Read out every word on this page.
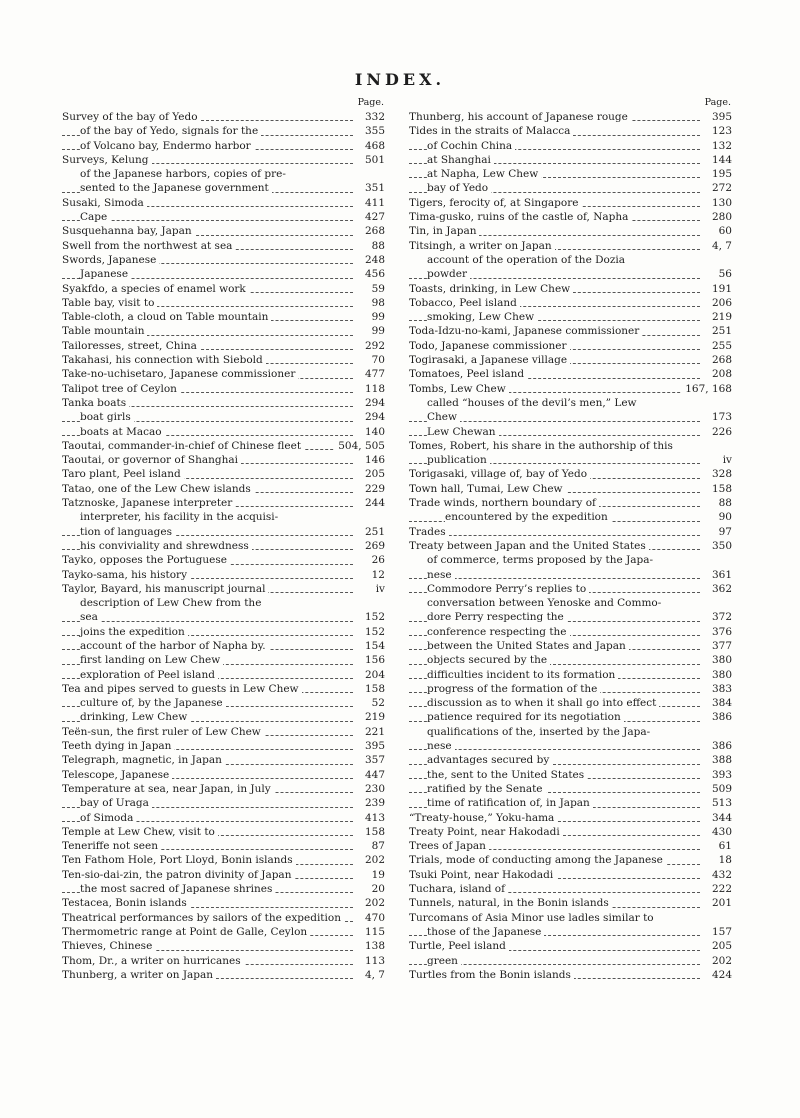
INDEX.
Page.
Survey of the bay of Yedo	332
of the bay of Yedo, signals for the	355
of Volcano bay, Endermo harbor	468
Surveys, Kelung	501
of the Japanese harbors, copies of pre-
sented to the Japanese government	351
Susaki, Simoda	411
Cape	427
Susquehanna bay, Japan	268
Swell from the northwest at sea	88
Swords, Japanese	248
Japanese	456
Syakfdo, a species of enamel work	59
Table bay, visit to	98
Table-cloth, a cloud on Table mountain	99
Table mountain	99
Tailoresses, street, China	292
Takahasi, his connection with Siebold	70
Take-no-uchisetaro, Japanese commissioner	477
Talipot tree of Ceylon	118
Tanka boats	294
boat girls	294
boats at Macao	140
Taoutai, commander-in-chief of Chinese fleet	504, 505
Taoutai, or governor of Shanghai	146
Taro plant, Peel island	205
Tatao, one of the Lew Chew islands	229
Tatznoske, Japanese interpreter	244
interpreter, his facility in the acquisi-
tion of languages	251
his conviviality and shrewdness	269
Tayko, opposes the Portuguese	26
Tayko-sama, his history	12
Taylor, Bayard, his manuscript journal	iv
description of Lew Chew from the
sea	152
joins the expedition	152
account of the harbor of Napha by.	154
first landing on Lew Chew	156
exploration of Peel island	204
Tea and pipes served to guests in Lew Chew	158
culture of, by the Japanese	52
drinking, Lew Chew	219
Teën-sun, the first ruler of Lew Chew	221
Teeth dying in Japan	395
Telegraph, magnetic, in Japan	357
Telescope, Japanese	447
Temperature at sea, near Japan, in July	230
bay of Uraga	239
of Simoda	413
Temple at Lew Chew, visit to	158
Teneriffe not seen	87
Ten Fathom Hole, Port Lloyd, Bonin islands	202
Ten-sio-dai-zin, the patron divinity of Japan	19
the most sacred of Japanese shrines	20
Testacea, Bonin islands	202
Theatrical performances by sailors of the expedition	470
Thermometric range at Point de Galle, Ceylon	115
Thieves, Chinese	138
Thom, Dr., a writer on hurricanes	113
Thunberg, a writer on Japan	4, 7
Page.
Thunberg, his account of Japanese rouge	395
Tides in the straits of Malacca	123
of Cochin China	132
at Shanghai	144
at Napha, Lew Chew	195
bay of Yedo	272
Tigers, ferocity of, at Singapore	130
Tima-gusko, ruins of the castle of, Napha	280
Tin, in Japan	60
Titsingh, a writer on Japan	4, 7
account of the operation of the Dozia
powder	56
Toasts, drinking, in Lew Chew	191
Tobacco, Peel island	206
smoking, Lew Chew	219
Toda-Idzu-no-kami, Japanese commissioner	251
Todo, Japanese commissioner	255
Togirasaki, a Japanese village	268
Tomatoes, Peel island	208
Tombs, Lew Chew	167, 168
called “houses of the devil’s men,” Lew
Chew	173
Lew Chewan	226
Tomes, Robert, his share in the authorship of this
publication	iv
Torigasaki, village of, bay of Yedo	328
Town hall, Tumai, Lew Chew	158
Trade winds, northern boundary of	88
encountered by the expedition	90
Trades	97
Treaty between Japan and the United States	350
of commerce, terms proposed by the Japa-
nese	361
Commodore Perry’s replies to	362
conversation between Yenoske and Commo-
dore Perry respecting the	372
conference respecting the	376
between the United States and Japan	377
objects secured by the	380
difficulties incident to its formation	380
progress of the formation of the	383
discussion as to when it shall go into effect	384
patience required for its negotiation	386
qualifications of the, inserted by the Japa-
nese	386
advantages secured by	388
the, sent to the United States	393
ratified by the Senate	509
time of ratification of, in Japan	513
“Treaty-house,” Yoku-hama	344
Treaty Point, near Hakodadi	430
Trees of Japan	61
Trials, mode of conducting among the Japanese	18
Tsuki Point, near Hakodadi	432
Tuchara, island of	222
Tunnels, natural, in the Bonin islands	201
Turcomans of Asia Minor use ladles similar to
those of the Japanese	157
Turtle, Peel island	205
green	202
Turtles from the Bonin islands	424
